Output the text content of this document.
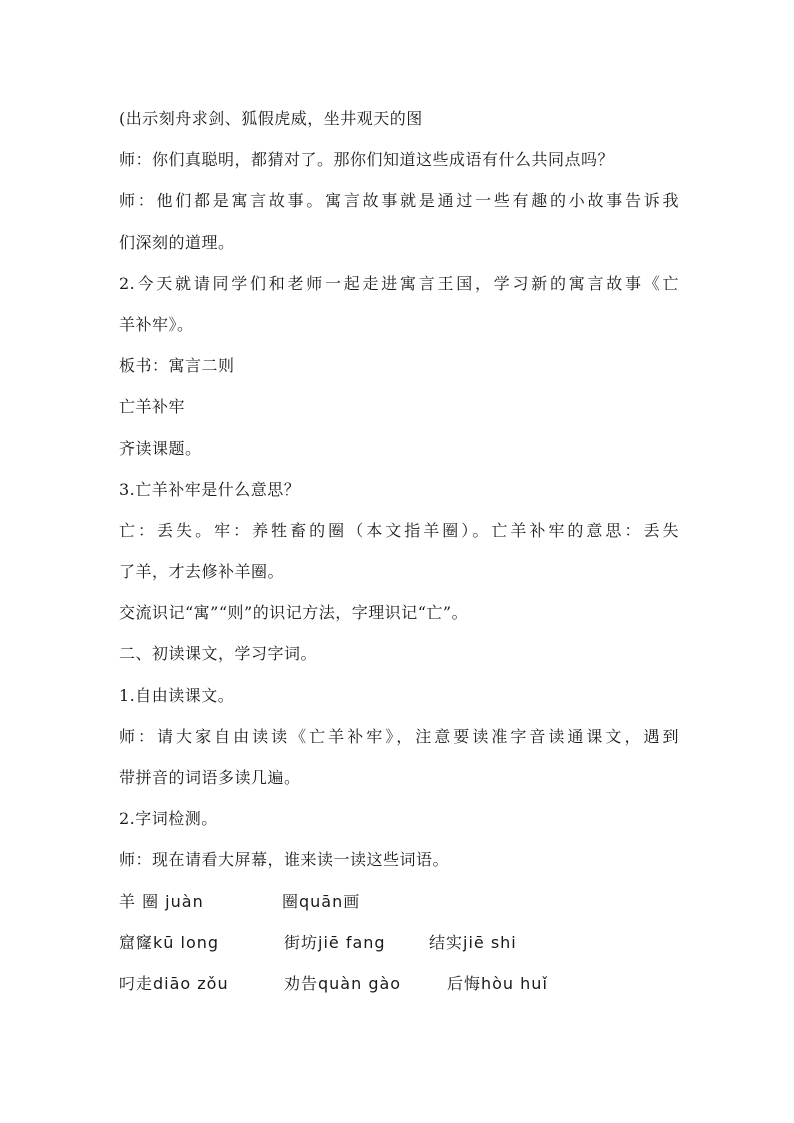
(出示刻舟求剑、狐假虎威，坐井观天的图
师：你们真聪明，都猜对了。那你们知道这些成语有什么共同点吗？
师：他们都是寓言故事。寓言故事就是通过一些有趣的小故事告诉我
们深刻的道理。
2.今天就请同学们和老师一起走进寓言王国，学习新的寓言故事《亡
羊补牢》。
板书：寓言二则
亡羊补牢
齐读课题。
3.亡羊补牢是什么意思？
亡：丢失。牢：养牲畜的圈（本文指羊圈）。亡羊补牢的意思：丢失
了羊，才去修补羊圈。
交流识记“寓”“则”的识记方法，字理识记“亡”。
二、初读课文，学习字词。
1.自由读课文。
师：请大家自由读读《亡羊补牢》，注意要读准字音读通课文，遇到
带拼音的词语多读几遍。
2.字词检测。
师：现在请看大屏幕，谁来读一读这些词语。
羊 圈 juàn	圈quān画
窟窿kū long	街坊jiē fang	结实jiē shi
叼走diāo zǒu	劝告quàn gào	后悔hòu huǐ
